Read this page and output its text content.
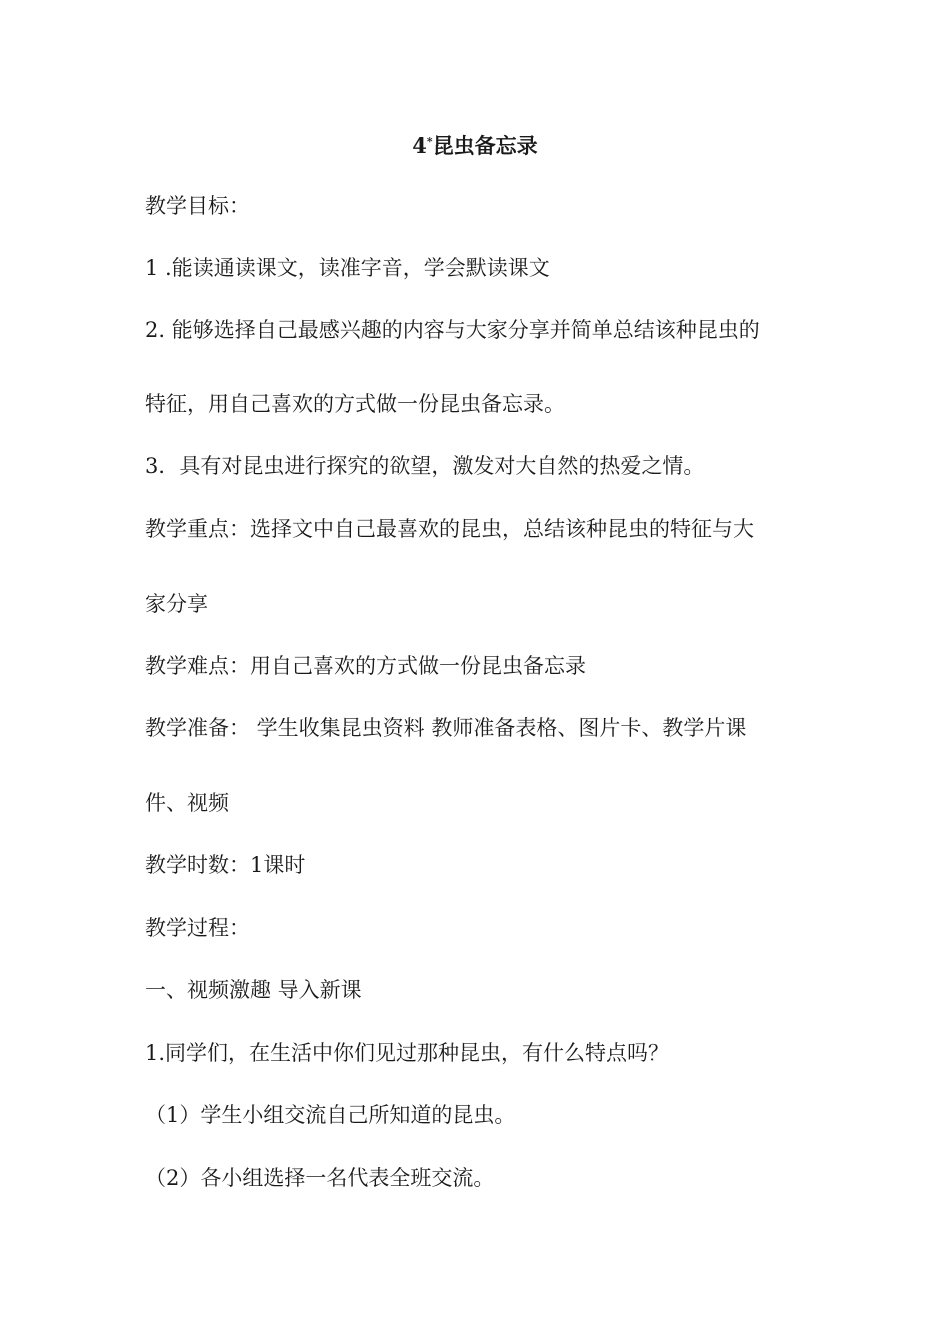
4*昆虫备忘录
教学目标：
1 .能读通读课文，读准字音，学会默读课文
2. 能够选择自己最感兴趣的内容与大家分享并简单总结该种昆虫的
特征，用自己喜欢的方式做一份昆虫备忘录。
3．具有对昆虫进行探究的欲望，激发对大自然的热爱之情。
教学重点：选择文中自己最喜欢的昆虫，总结该种昆虫的特征与大
家分享
教学难点：用自己喜欢的方式做一份昆虫备忘录
教学准备： 学生收集昆虫资料 教师准备表格、图片卡、教学片课
件、视频
教学时数：1课时
教学过程：
一、视频激趣 导入新课
1.同学们，在生活中你们见过那种昆虫，有什么特点吗？
（1）学生小组交流自己所知道的昆虫。
（2）各小组选择一名代表全班交流。
